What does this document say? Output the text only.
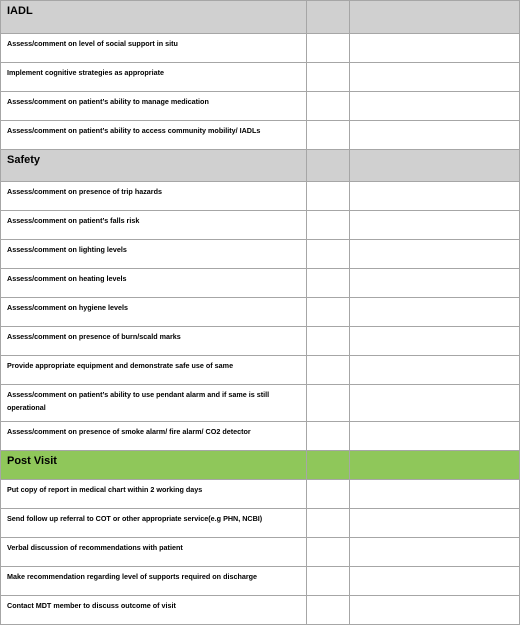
IADL		
Assess/comment on level of social support in situ		
Implement cognitive strategies as appropriate		
Assess/comment on patient’s ability to manage medication		
Assess/comment on patient’s ability to access community mobility/ IADLs		
Safety		
Assess/comment on presence of trip hazards		
Assess/comment on patient’s falls risk		
Assess/comment on lighting levels		
Assess/comment on heating levels		
Assess/comment on hygiene levels		
Assess/comment on presence of burn/scald marks		
Provide appropriate equipment and demonstrate safe use of same		
Assess/comment on patient’s ability to use pendant alarm and if same is still operational		
Assess/comment on presence of smoke alarm/ fire alarm/ CO2 detector		
Post Visit		
Put copy of report in medical chart within 2 working days		
Send follow up referral to COT or other appropriate service(e.g PHN, NCBI)		
Verbal discussion of recommendations with patient		
Make recommendation regarding level of supports required on discharge		
Contact MDT member to discuss outcome of visit		
